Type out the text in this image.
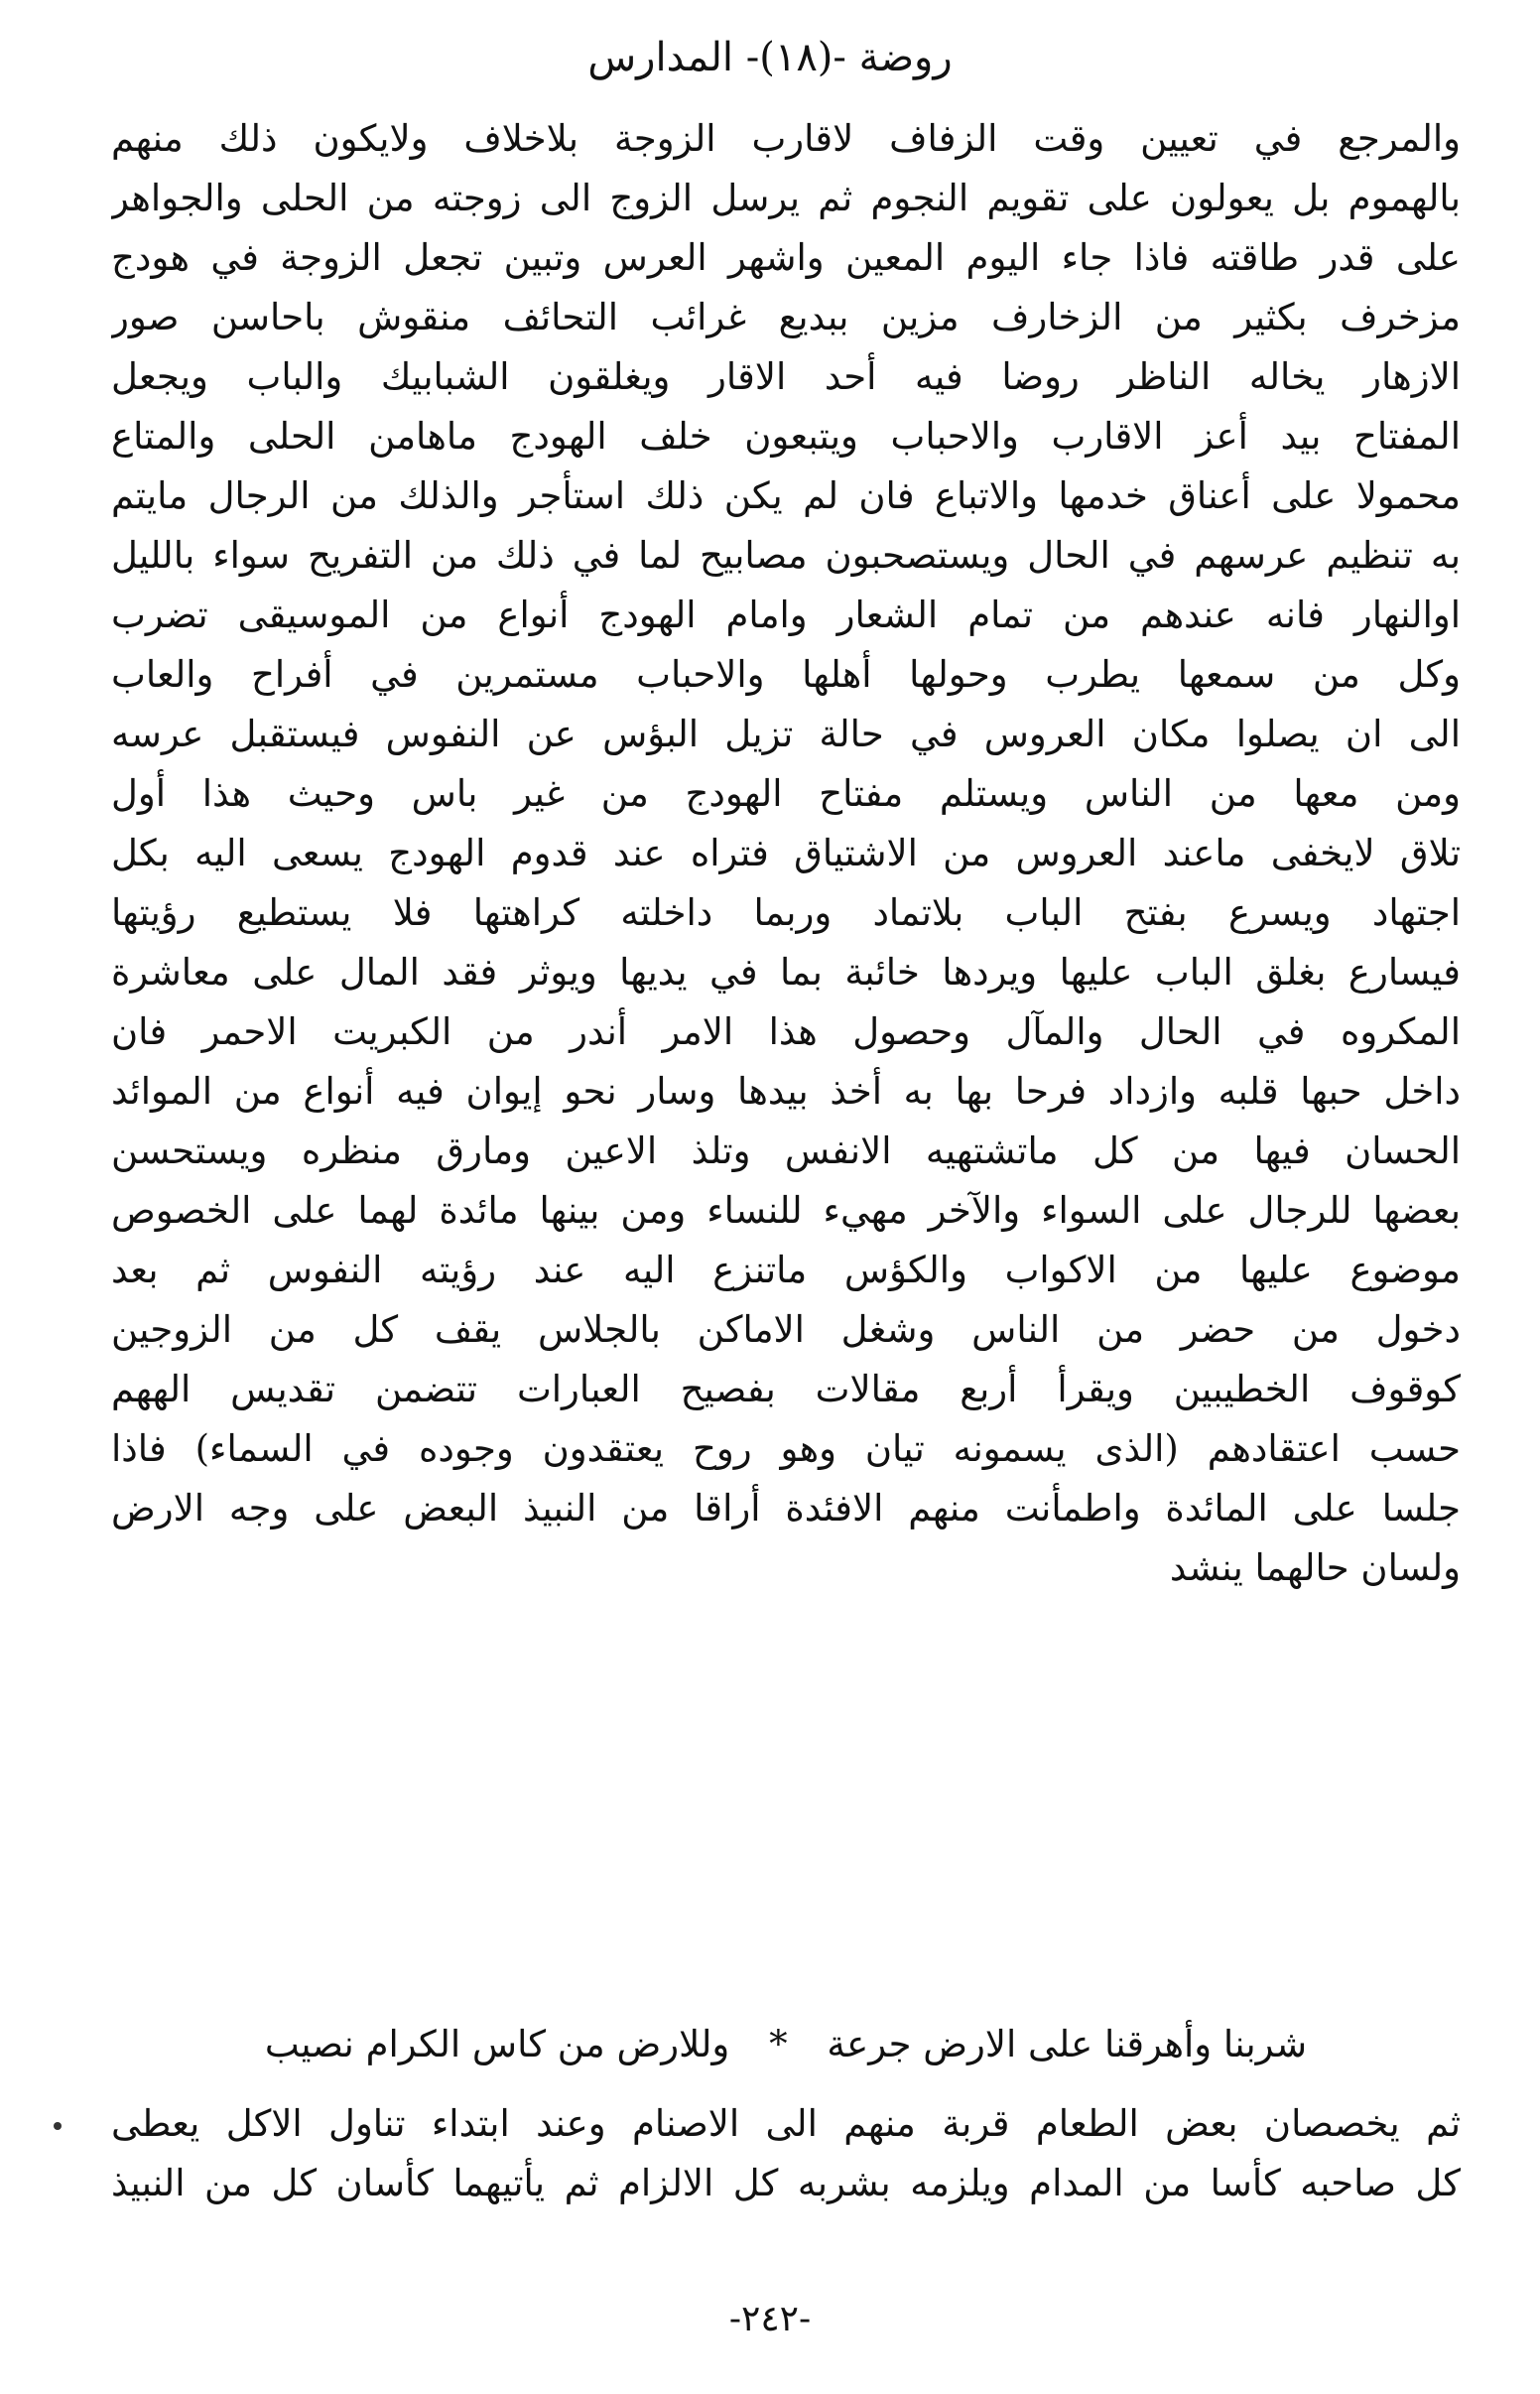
روضة -(١٨)- المدارس
والمرجع في تعيين وقت الزفاف لاقارب الزوجة بلاخلاف ولايكون ذلك منهم
بالهموم بل يعولون على تقويم النجوم ثم يرسل الزوج الى زوجته من الحلى والجواهر
على قدر طاقته فاذا جاء اليوم المعين واشهر العرس وتبين تجعل الزوجة في هودج
مزخرف بكثير من الزخارف مزين ببديع غرائب التحائف منقوش باحاسن صور
الازهار يخاله الناظر روضا فيه أحد الاقار ويغلقون الشبابيك والباب ويجعل
المفتاح بيد أعز الاقارب والاحباب ويتبعون خلف الهودج ماهامن الحلى والمتاع
محمولا على أعناق خدمها والاتباع فان لم يكن ذلك استأجر والذلك من الرجال مايتم
به تنظيم عرسهم في الحال ويستصحبون مصابيح لما في ذلك من التفريح سواء بالليل
اوالنهار فانه عندهم من تمام الشعار وامام الهودج أنواع من الموسيقى تضرب
وكل من سمعها يطرب وحولها أهلها والاحباب مستمرين في أفراح والعاب
الى ان يصلوا مكان العروس في حالة تزيل البؤس عن النفوس فيستقبل عرسه
ومن معها من الناس ويستلم مفتاح الهودج من غير باس وحيث هذا أول
تلاق لايخفى ماعند العروس من الاشتياق فتراه عند قدوم الهودج يسعى اليه بكل
اجتهاد ويسرع بفتح الباب بلاتماد وربما داخلته كراهتها فلا يستطيع رؤيتها
فيسارع بغلق الباب عليها ويردها خائبة بما في يديها ويوثر فقد المال على معاشرة
المكروه في الحال والمآل وحصول هذا الامر أندر من الكبريت الاحمر فان
داخل حبها قلبه وازداد فرحا بها به أخذ بيدها وسار نحو إيوان فيه أنواع من الموائد
الحسان فيها من كل ماتشتهيه الانفس وتلذ الاعين ومارق منظره ويستحسن
بعضها للرجال على السواء والآخر مهيء للنساء ومن بينها مائدة لهما على الخصوص
موضوع عليها من الاكواب والكؤس ماتنزع اليه عند رؤيته النفوس ثم بعد
دخول من حضر من الناس وشغل الاماكن بالجلاس يقف كل من الزوجين
كوقوف الخطيبين ويقرأ أربع مقالات بفصيح العبارات تتضمن تقديس الههم
حسب اعتقادهم (الذى يسمونه تيان وهو روح يعتقدون وجوده في السماء) فاذا
جلسا على المائدة واطمأنت منهم الافئدة أراقا من النبيذ البعض على وجه الارض
ولسان حالهما ينشد
شربنا وأهرقنا على الارض جرعة * وللارض من كاس الكرام نصيب
ثم يخصصان بعض الطعام قربة منهم الى الاصنام وعند ابتداء تناول الاكل يعطى
كل صاحبه كأسا من المدام ويلزمه بشربه كل الالزام ثم يأتيهما كأسان كل من النبيذ
-٢٤٢-
